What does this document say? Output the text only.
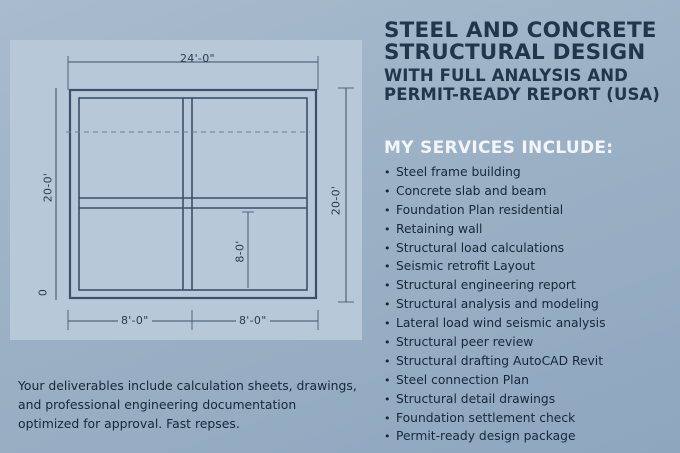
24'-0"
20-0'	20-0'
8-0'
0
8'-0"	8'-0"
STEEL AND CONCRETE
STRUCTURAL DESIGN
WITH FULL ANALYSIS AND
PERMIT-READY REPORT (USA)
MY SERVICES INCLUDE:
• Steel frame building
• Concrete slab and beam
• Foundation Plan residential
• Retaining wall
• Structural load calculations
• Seismic retrofit Layout
• Structural engineering report
• Structural analysis and modeling
• Lateral load wind seismic analysis
• Structural peer review
• Structural drafting AutoCAD Revit
• Steel connection Plan
• Structural detail drawings
• Foundation settlement check
• Permit-ready design package
Your deliverables include calculation sheets, drawings, and professional engineering documentation optimized for approval. Fast repses.
